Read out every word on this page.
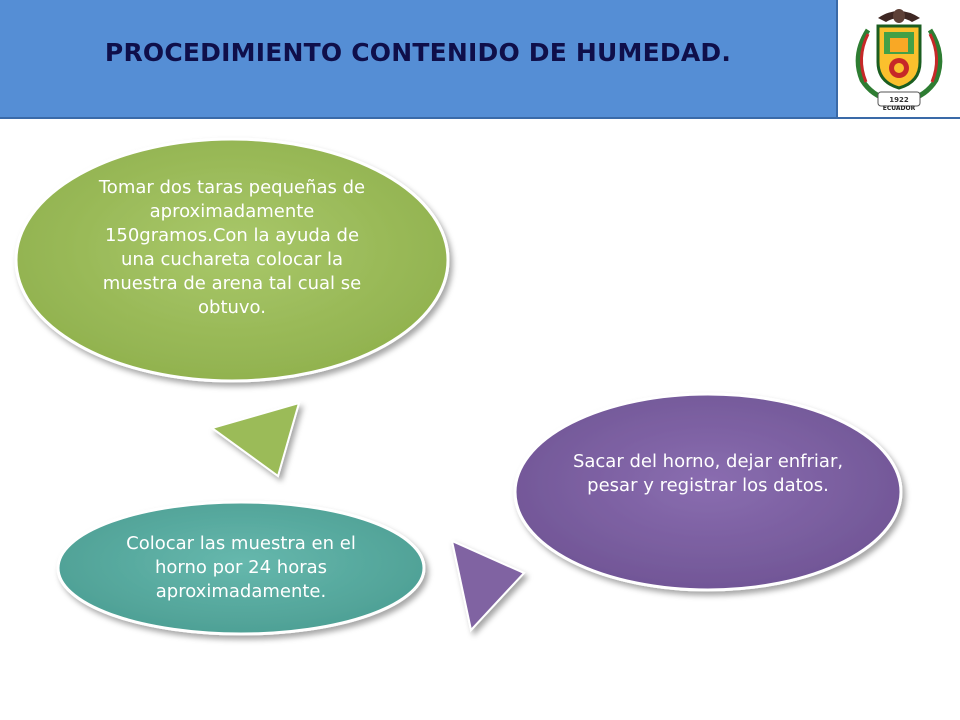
PROCEDIMIENTO CONTENIDO DE HUMEDAD.
1922
ECUADOR
Tomar dos taras pequeñas de aproximadamente 150gramos.Con la ayuda de una cuchareta colocar la muestra de arena tal cual se obtuvo.
Sacar del horno, dejar enfriar, pesar y registrar los datos.
Colocar las muestra en el horno por 24 horas aproximadamente.
